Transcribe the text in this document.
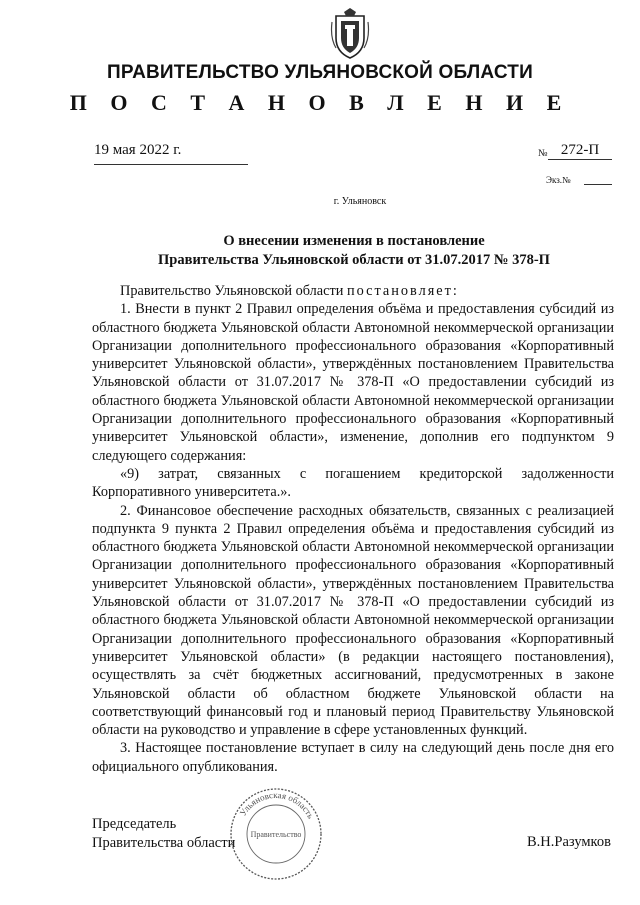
ПРАВИТЕЛЬСТВО УЛЬЯНОВСКОЙ ОБЛАСТИ
П О С Т А Н О В Л Е Н И Е
19 мая 2022 г.	№ 272-П
Экз.№
г. Ульяновск
О внесении изменения в постановление
Правительства Ульяновской области от 31.07.2017 № 378-П

Правительство Ульяновской области постановляет:

1. Внести в пункт 2 Правил определения объёма и предоставления субсидий из областного бюджета Ульяновской области Автономной некоммерческой организации Организации дополнительного профессионального образования «Корпоративный университет Ульяновской области», утверждённых постановлением Правительства Ульяновской области от 31.07.2017 № 378-П «О предоставлении субсидий из областного бюджета Ульяновской области Автономной некоммерческой организации Организации дополнительного профессионального образования «Корпоративный университет Ульяновской области», изменение, дополнив его подпунктом 9 следующего содержания:

«9) затрат, связанных с погашением кредиторской задолженности Корпоративного университета.».

2. Финансовое обеспечение расходных обязательств, связанных с реализацией подпункта 9 пункта 2 Правил определения объёма и предоставления субсидий из областного бюджета Ульяновской области Автономной некоммерческой организации Организации дополнительного профессионального образования «Корпоративный университет Ульяновской области», утверждённых постановлением Правительства Ульяновской области от 31.07.2017 № 378-П «О предоставлении субсидий из областного бюджета Ульяновской области Автономной некоммерческой организации Организации дополнительного профессионального образования «Корпоративный университет Ульяновской области» (в редакции настоящего постановления), осуществлять за счёт бюджетных ассигнований, предусмотренных в законе Ульяновской области об областном бюджете Ульяновской области на соответствующий финансовый год и плановый период Правительству Ульяновской области на руководство и управление в сфере установленных функций.

3. Настоящее постановление вступает в силу на следующий день после дня его официального опубликования.

Председатель
Правительства области	В.Н.Разумков
Ульяновская область
Правительство
